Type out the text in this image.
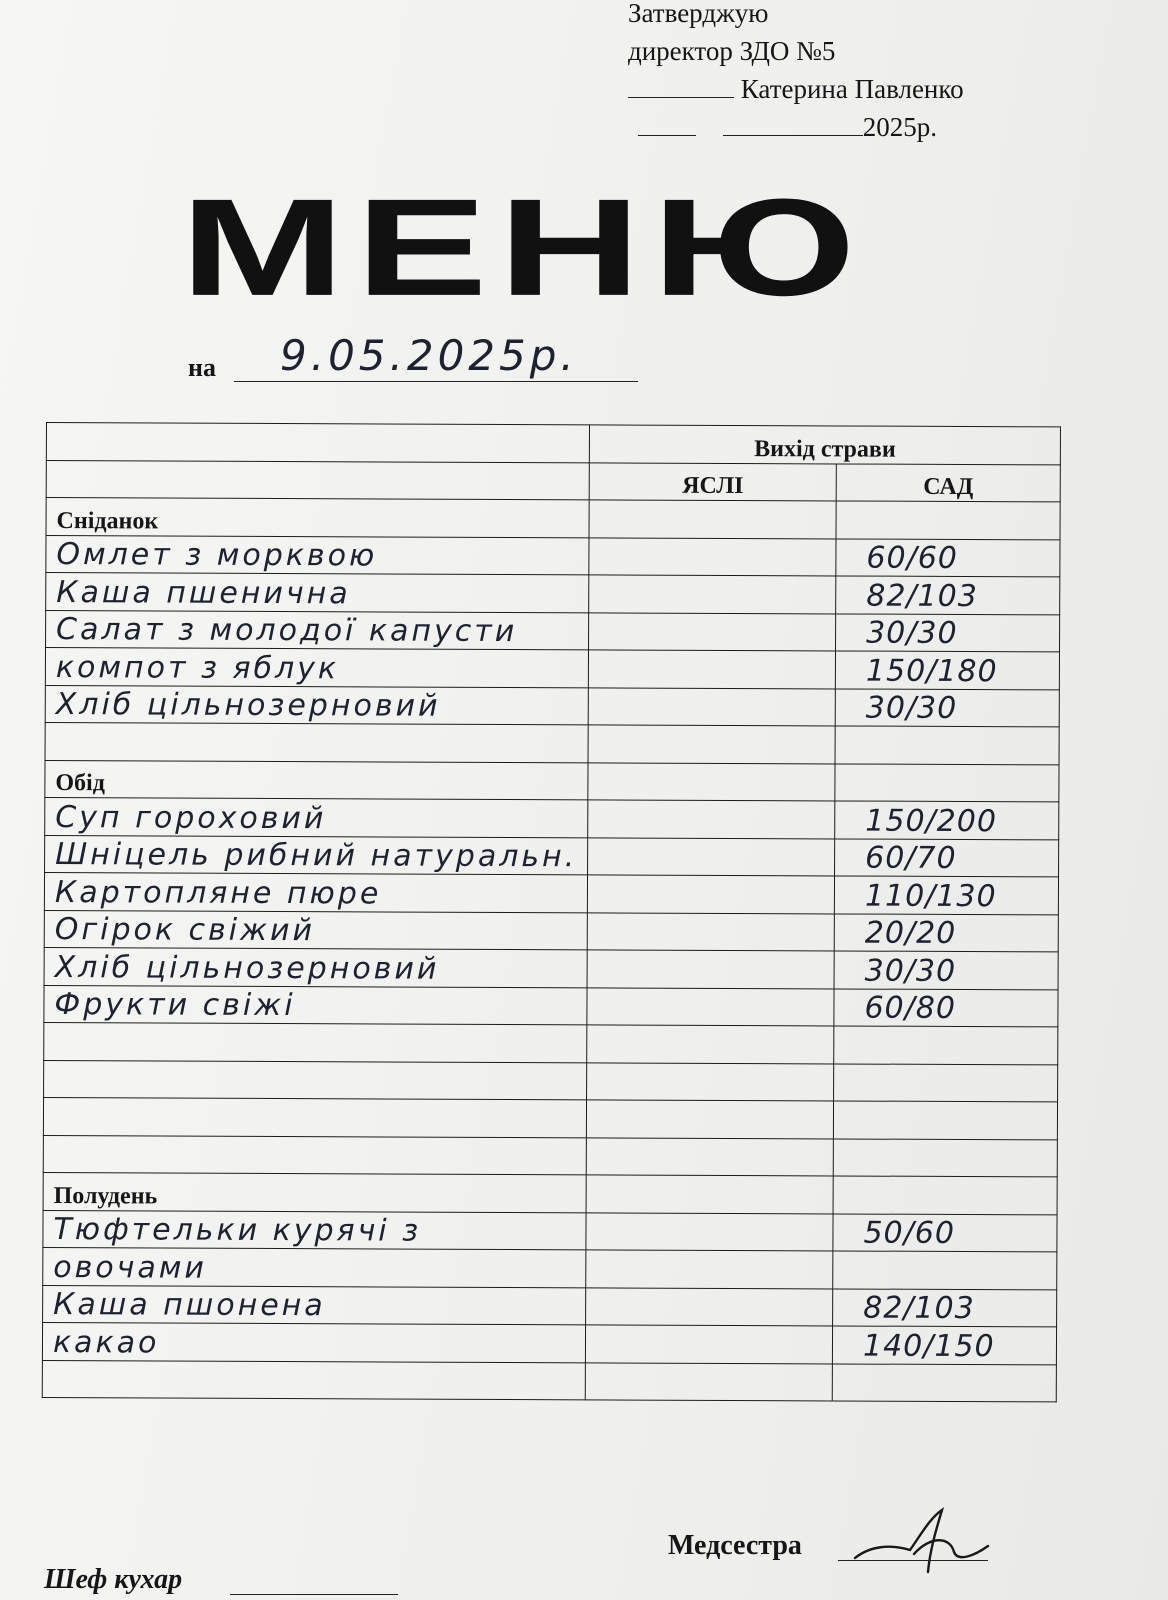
Затверджую
директор ЗДО №5
Катерина Павленко
2025р.
МЕНЮ
на 9.05.2025р.
	Вихід страви	
	ЯСЛІ	САД
Сніданок		
Омлет з морквою		60/60
Каша пшенична		82/103
Салат з молодої капусти		30/30
компот з яблук		150/180
Хліб цільнозерновий		30/30

Обід		
Суп гороховий		150/200
Шніцель рибний натуральн.		60/70
Картопляне пюре		110/130
Огірок свіжий		20/20
Хліб цільнозерновий		30/30
Фрукти свіжі		60/80

Полудень		
Тюфтельки курячі з		50/60
овочами		
Каша пшонена		82/103
какао		140/150

Шеф кухар
Медсестра
